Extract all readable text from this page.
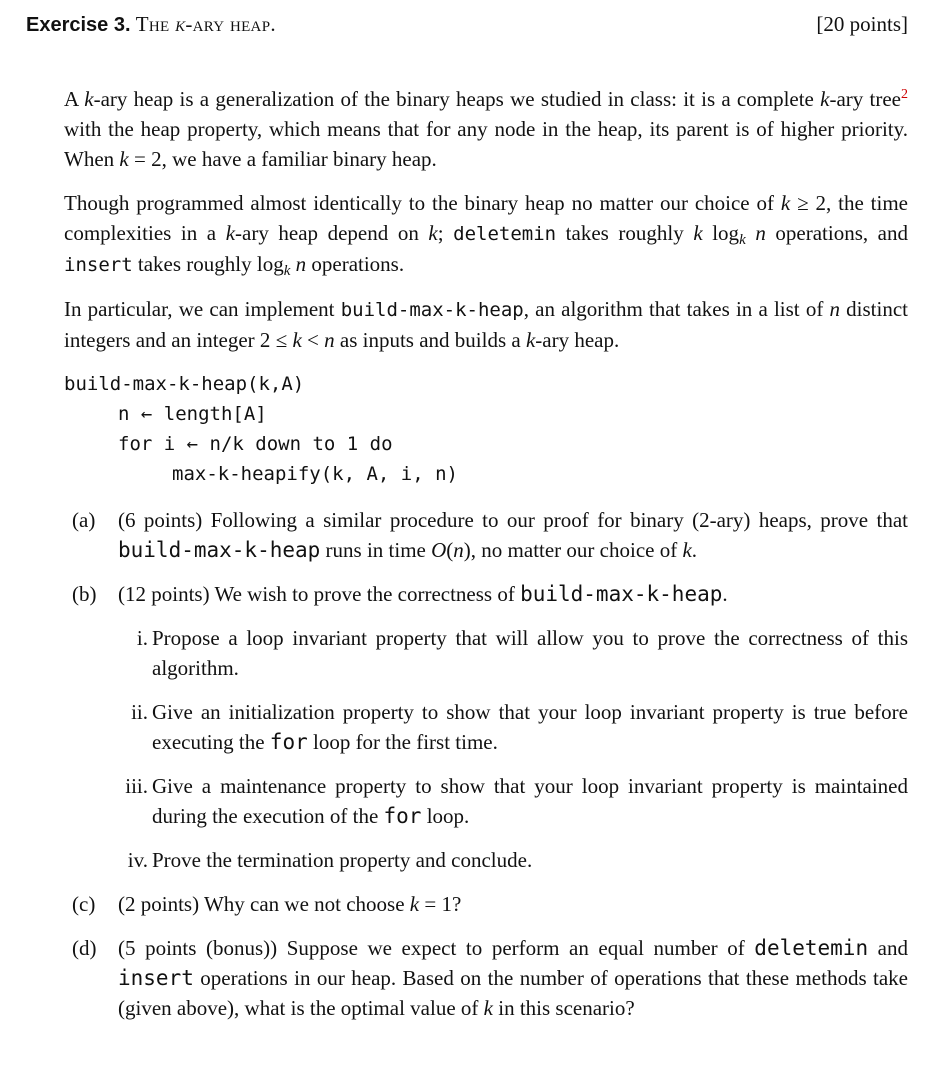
Exercise 3. The k-ary heap.	[20 points]

A k-ary heap is a generalization of the binary heaps we studied in class: it is a complete k-ary tree$^2$ with the heap property, which means that for any node in the heap, its parent is of higher priority. When k = 2, we have a familiar binary heap.

Though programmed almost identically to the binary heap no matter our choice of k ≥ 2, the time complexities in a k-ary heap depend on k; deletemin takes roughly k $\log_k n$ operations, and insert takes roughly $\log_k n$ operations.

In particular, we can implement build-max-k-heap, an algorithm that takes in a list of n distinct integers and an integer 2 ≤ k < n as inputs and builds a k-ary heap.

build-max-k-heap(k,A)
n ← length[A]
for i ← n/k down to 1 do
max-k-heapify(k, A, i, n)
(a) (6 points) Following a similar procedure to our proof for binary (2-ary) heaps, prove that build-max-k-heap runs in time O(n), no matter our choice of k.
(b) (12 points) We wish to prove the correctness of build-max-k-heap.
i. Propose a loop invariant property that will allow you to prove the correctness of this algorithm.
ii. Give an initialization property to show that your loop invariant property is true before executing the for loop for the first time.
iii. Give a maintenance property to show that your loop invariant property is maintained during the execution of the for loop.
iv. Prove the termination property and conclude.
(c) (2 points) Why can we not choose k = 1?
(d) (5 points (bonus)) Suppose we expect to perform an equal number of deletemin and insert operations in our heap. Based on the number of operations that these methods take (given above), what is the optimal value of k in this scenario?
